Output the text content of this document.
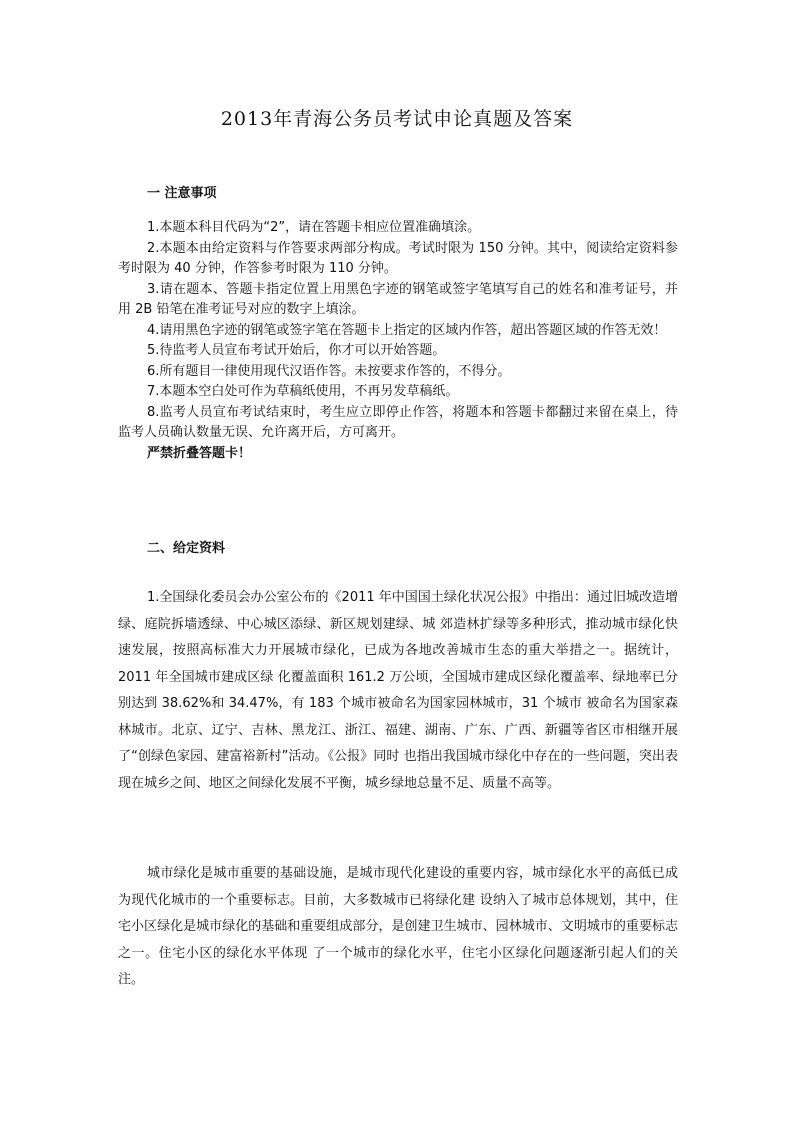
2013年青海公务员考试申论真题及答案
一 注意事项

1.本题本科目代码为“2”，请在答题卡相应位置准确填涂。

2.本题本由给定资料与作答要求两部分构成。考试时限为 150 分钟。其中，阅读给定资料参考时限为 40 分钟，作答参考时限为 110 分钟。

3.请在题本、答题卡指定位置上用黑色字迹的钢笔或签字笔填写自己的姓名和准考证号，并用 2B 铅笔在准考证号对应的数字上填涂。

4.请用黑色字迹的钢笔或签字笔在答题卡上指定的区域内作答，超出答题区域的作答无效！

5.待监考人员宣布考试开始后，你才可以开始答题。

6.所有题目一律使用现代汉语作答。未按要求作答的，不得分。

7.本题本空白处可作为草稿纸使用，不再另发草稿纸。

8.监考人员宣布考试结束时，考生应立即停止作答，将题本和答题卡都翻过来留在桌上，待监考人员确认数量无误、允许离开后，方可离开。

严禁折叠答题卡！

二、给定资料

1.全国绿化委员会办公室公布的《2011 年中国国土绿化状况公报》中指出：通过旧城改造增绿、庭院拆墙透绿、中心城区添绿、新区规划建绿、城 郊造林扩绿等多种形式，推动城市绿化快速发展，按照高标准大力开展城市绿化，已成为各地改善城市生态的重大举措之一。据统计，2011 年全国城市建成区绿 化覆盖面积 161.2 万公顷，全国城市建成区绿化覆盖率、绿地率已分别达到 38.62%和 34.47%，有 183 个城市被命名为国家园林城市，31 个城市 被命名为国家森林城市。北京、辽宁、吉林、黑龙江、浙江、福建、湖南、广东、广西、新疆等省区市相继开展了“创绿色家园、建富裕新村”活动。《公报》同时 也指出我国城市绿化中存在的一些问题，突出表现在城乡之间、地区之间绿化发展不平衡，城乡绿地总量不足、质量不高等。

城市绿化是城市重要的基础设施，是城市现代化建设的重要内容，城市绿化水平的高低已成为现代化城市的一个重要标志。目前，大多数城市已将绿化建 设纳入了城市总体规划，其中，住宅小区绿化是城市绿化的基础和重要组成部分，是创建卫生城市、园林城市、文明城市的重要标志之一。住宅小区的绿化水平体现 了一个城市的绿化水平，住宅小区绿化问题逐渐引起人们的关注。
